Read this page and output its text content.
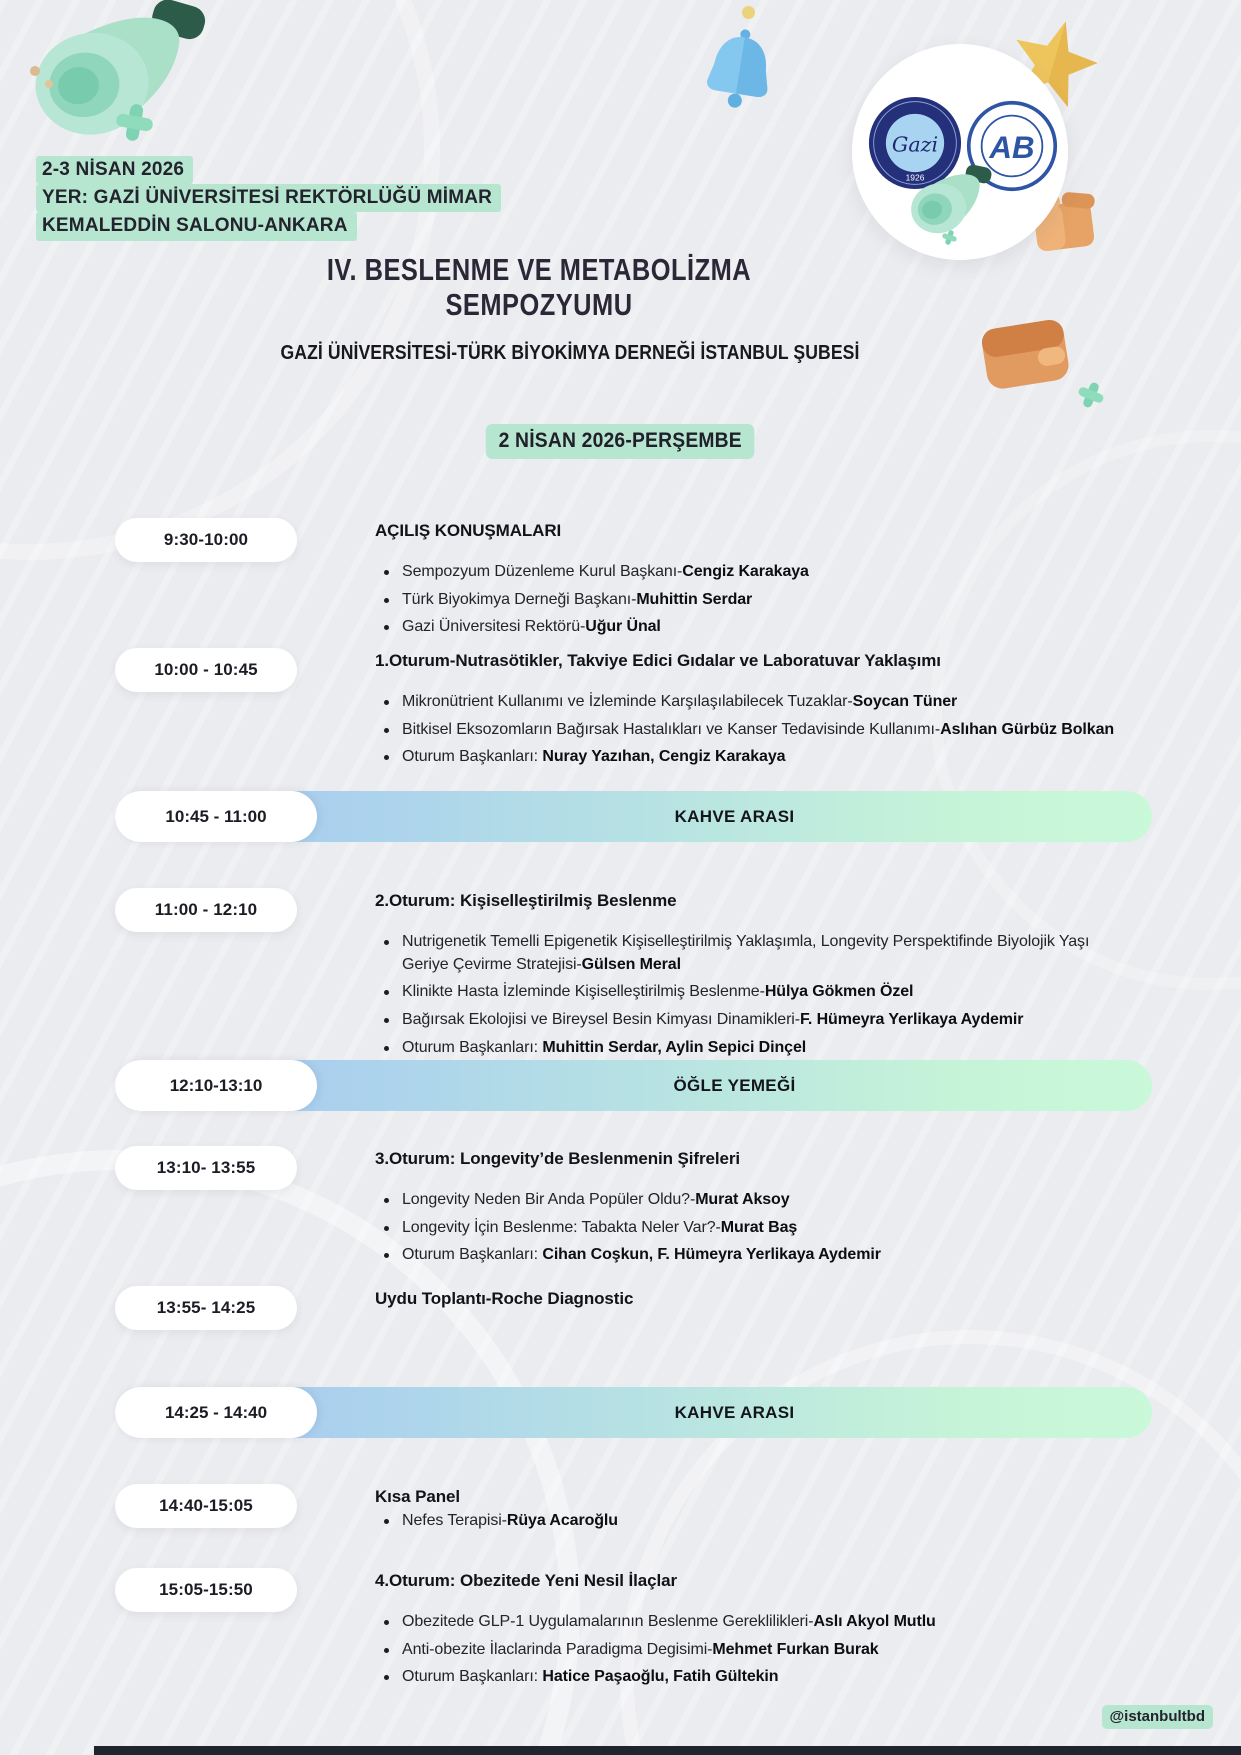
Gazi
1926
AB
2-3 NİSAN 2026
YER: GAZİ ÜNİVERSİTESİ REKTÖRLÜĞÜ MİMAR
KEMALEDDİN SALONU-ANKARA
IV. BESLENME VE METABOLİZMA
SEMPOZYUMU
GAZİ ÜNİVERSİTESİ-TÜRK BİYOKİMYA DERNEĞİ İSTANBUL ŞUBESİ
2 NİSAN 2026-PERŞEMBE
9:30-10:00	AÇILIŞ KONUŞMALARI
Sempozyum Düzenleme Kurul Başkanı-Cengiz Karakaya
Türk Biyokimya Derneği Başkanı-Muhittin Serdar
Gazi Üniversitesi Rektörü-Uğur Ünal
10:00 - 10:45	1.Oturum-Nutrasötikler, Takviye Edici Gıdalar ve Laboratuvar Yaklaşımı
Mikronütrient Kullanımı ve İzleminde Karşılaşılabilecek Tuzaklar-Soycan Tüner
Bitkisel Eksozomların Bağırsak Hastalıkları ve Kanser Tedavisinde Kullanımı-Aslıhan Gürbüz Bolkan
Oturum Başkanları: Nuray Yazıhan, Cengiz Karakaya
10:45 - 11:00	KAHVE ARASI
11:00 - 12:10	2.Oturum: Kişiselleştirilmiş Beslenme
Nutrigenetik Temelli Epigenetik Kişiselleştirilmiş Yaklaşımla, Longevity Perspektifinde Biyolojik Yaşı Geriye Çevirme Stratejisi-Gülsen Meral
Klinikte Hasta İzleminde Kişiselleştirilmiş Beslenme-Hülya Gökmen Özel
Bağırsak Ekolojisi ve Bireysel Besin Kimyası Dinamikleri-F. Hümeyra Yerlikaya Aydemir
Oturum Başkanları: Muhittin Serdar, Aylin Sepici Dinçel
12:10-13:10	ÖĞLE YEMEĞİ
13:10- 13:55	3.Oturum: Longevity’de Beslenmenin Şifreleri
Longevity Neden Bir Anda Popüler Oldu?-Murat Aksoy
Longevity İçin Beslenme: Tabakta Neler Var?-Murat Baş
Oturum Başkanları: Cihan Coşkun, F. Hümeyra Yerlikaya Aydemir
13:55- 14:25	Uydu Toplantı-Roche Diagnostic
14:25 - 14:40	KAHVE ARASI
14:40-15:05	Kısa Panel
Nefes Terapisi-Rüya Acaroğlu
15:05-15:50	4.Oturum: Obezitede Yeni Nesil İlaçlar
Obezitede GLP-1 Uygulamalarının Beslenme Gereklilikleri-Aslı Akyol Mutlu
Anti-obezite İlaclarinda Paradigma Degisimi-Mehmet Furkan Burak
Oturum Başkanları: Hatice Paşaoğlu, Fatih Gültekin
@istanbultbd
